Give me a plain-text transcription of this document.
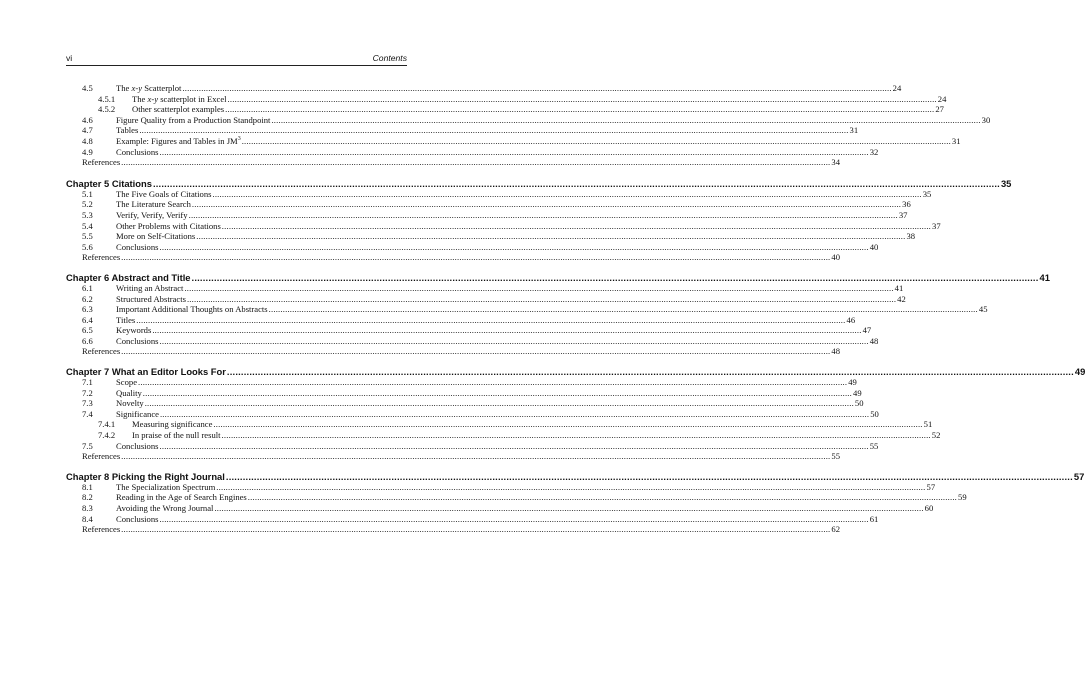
vi	Contents
4.5	The x-y Scatterplot .............................................................................................................................................................................................................................................................................................................. 24
4.5.1	The x-y scatterplot in Excel .............................................................................................................................................................................................................................................................................................................. 24
4.5.2	Other scatterplot examples .............................................................................................................................................................................................................................................................................................................. 27
4.6	Figure Quality from a Production Standpoint .............................................................................................................................................................................................................................................................................................................. 30
4.7	Tables .............................................................................................................................................................................................................................................................................................................. 31
4.8	Example: Figures and Tables in $JM^3$ .............................................................................................................................................................................................................................................................................................................. 31
4.9	Conclusions .............................................................................................................................................................................................................................................................................................................. 32
References .............................................................................................................................................................................................................................................................................................................. 34
Chapter 5 Citations .............................................................................................................................................................................................................................................................................................................. 35
5.1	The Five Goals of Citations .............................................................................................................................................................................................................................................................................................................. 35
5.2	The Literature Search .............................................................................................................................................................................................................................................................................................................. 36
5.3	Verify, Verify, Verify .............................................................................................................................................................................................................................................................................................................. 37
5.4	Other Problems with Citations .............................................................................................................................................................................................................................................................................................................. 37
5.5	More on Self-Citations .............................................................................................................................................................................................................................................................................................................. 38
5.6	Conclusions .............................................................................................................................................................................................................................................................................................................. 40
References .............................................................................................................................................................................................................................................................................................................. 40
Chapter 6 Abstract and Title .............................................................................................................................................................................................................................................................................................................. 41
6.1	Writing an Abstract .............................................................................................................................................................................................................................................................................................................. 41
6.2	Structured Abstracts .............................................................................................................................................................................................................................................................................................................. 42
6.3	Important Additional Thoughts on Abstracts .............................................................................................................................................................................................................................................................................................................. 45
6.4	Titles .............................................................................................................................................................................................................................................................................................................. 46
6.5	Keywords .............................................................................................................................................................................................................................................................................................................. 47
6.6	Conclusions .............................................................................................................................................................................................................................................................................................................. 48
References .............................................................................................................................................................................................................................................................................................................. 48
Chapter 7 What an Editor Looks For .............................................................................................................................................................................................................................................................................................................. 49
7.1	Scope .............................................................................................................................................................................................................................................................................................................. 49
7.2	Quality .............................................................................................................................................................................................................................................................................................................. 49
7.3	Novelty .............................................................................................................................................................................................................................................................................................................. 50
7.4	Significance .............................................................................................................................................................................................................................................................................................................. 50
7.4.1	Measuring significance .............................................................................................................................................................................................................................................................................................................. 51
7.4.2	In praise of the null result .............................................................................................................................................................................................................................................................................................................. 52
7.5	Conclusions .............................................................................................................................................................................................................................................................................................................. 55
References .............................................................................................................................................................................................................................................................................................................. 55
Chapter 8 Picking the Right Journal .............................................................................................................................................................................................................................................................................................................. 57
8.1	The Specialization Spectrum .............................................................................................................................................................................................................................................................................................................. 57
8.2	Reading in the Age of Search Engines .............................................................................................................................................................................................................................................................................................................. 59
8.3	Avoiding the Wrong Journal .............................................................................................................................................................................................................................................................................................................. 60
8.4	Conclusions .............................................................................................................................................................................................................................................................................................................. 61
References .............................................................................................................................................................................................................................................................................................................. 62
